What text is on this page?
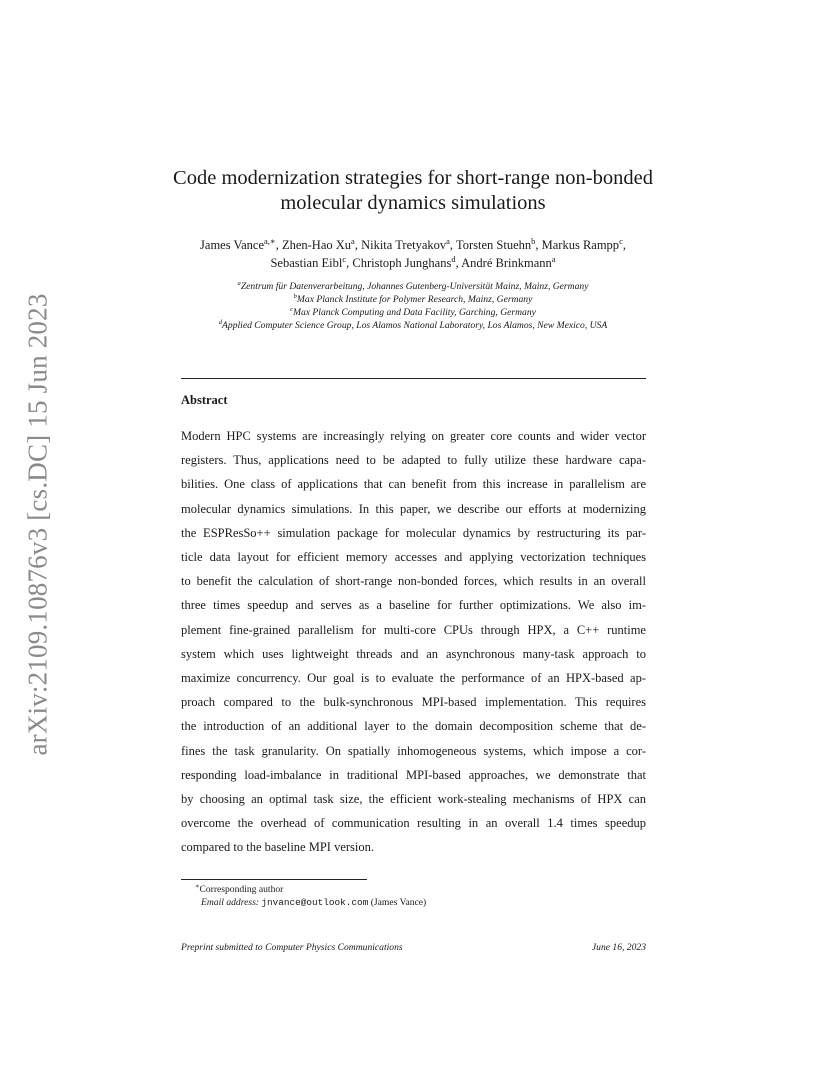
arXiv:2109.10876v3 [cs.DC] 15 Jun 2023
Code modernization strategies for short-range non-bonded
molecular dynamics simulations
James Vance$^{a,∗}$, Zhen-Hao Xu$^a$, Nikita Tretyakov$^a$, Torsten Stuehn$^b$, Markus Rampp$^c$,
Sebastian Eibl$^c$, Christoph Junghans$^d$, André Brinkmann$^a$
$^a$Zentrum für Datenverarbeitung, Johannes Gutenberg-Universität Mainz, Mainz, Germany
$^b$Max Planck Institute for Polymer Research, Mainz, Germany
$^c$Max Planck Computing and Data Facility, Garching, Germany
$^d$Applied Computer Science Group, Los Alamos National Laboratory, Los Alamos, New Mexico, USA
Abstract
Modern HPC systems are increasingly relying on greater core counts and wider vector
registers. Thus, applications need to be adapted to fully utilize these hardware capa-
bilities. One class of applications that can benefit from this increase in parallelism are
molecular dynamics simulations. In this paper, we describe our efforts at modernizing
the ESPResSo++ simulation package for molecular dynamics by restructuring its par-
ticle data layout for efficient memory accesses and applying vectorization techniques
to benefit the calculation of short-range non-bonded forces, which results in an overall
three times speedup and serves as a baseline for further optimizations. We also im-
plement fine-grained parallelism for multi-core CPUs through HPX, a C++ runtime
system which uses lightweight threads and an asynchronous many-task approach to
maximize concurrency. Our goal is to evaluate the performance of an HPX-based ap-
proach compared to the bulk-synchronous MPI-based implementation. This requires
the introduction of an additional layer to the domain decomposition scheme that de-
fines the task granularity. On spatially inhomogeneous systems, which impose a cor-
responding load-imbalance in traditional MPI-based approaches, we demonstrate that
by choosing an optimal task size, the efficient work-stealing mechanisms of HPX can
overcome the overhead of communication resulting in an overall 1.4 times speedup
compared to the baseline MPI version.
∗Corresponding author
Email address: jnvance@outlook.com (James Vance)
Preprint submitted to Computer Physics Communications	June 16, 2023
